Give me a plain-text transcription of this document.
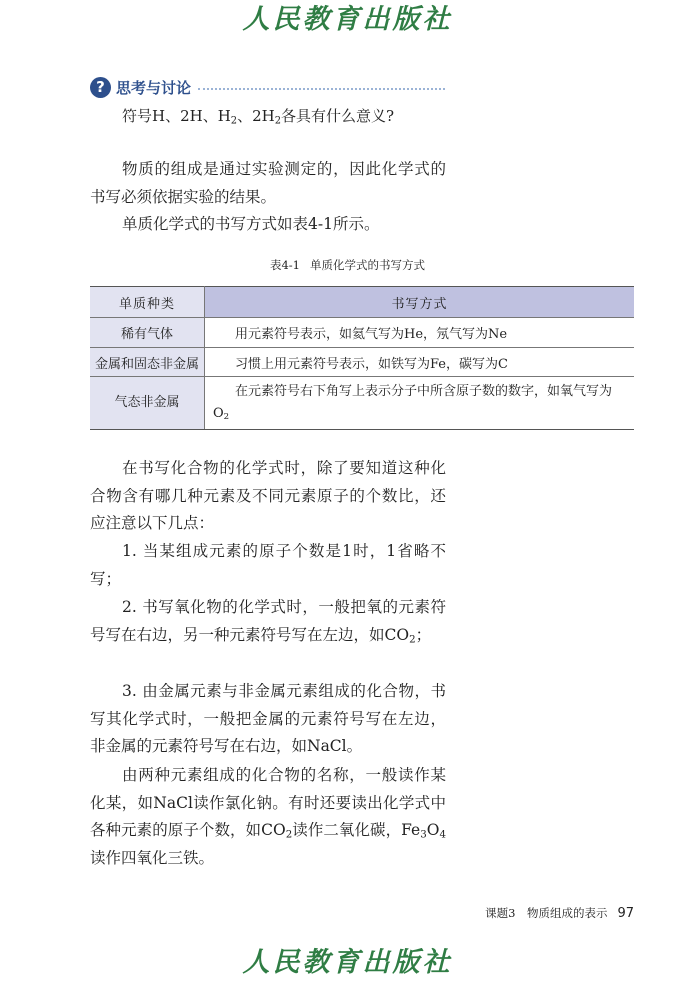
人民教育出版社
? 思考与讨论
符号H、2H、$H_2$、$2H_2$各具有什么意义?

物质的组成是通过实验测定的，因此化学式的书写必须依据实验的结果。

单质化学式的书写方式如表4-1所示。

表4-1 单质化学式的书写方式
单质种类	书写方式
稀有气体	用元素符号表示，如氦气写为He，氖气写为Ne
金属和固态非金属	习惯上用元素符号表示，如铁写为Fe，碳写为C
气态非金属	在元素符号右下角写上表示分子中所含原子数的数字，如氧气写为$O_2$

在书写化合物的化学式时，除了要知道这种化合物含有哪几种元素及不同元素原子的个数比，还应注意以下几点：

1. 当某组成元素的原子个数是1时，1省略不写；

2. 书写氧化物的化学式时，一般把氧的元素符号写在右边，另一种元素符号写在左边，如$CO_2$；

3. 由金属元素与非金属元素组成的化合物，书写其化学式时，一般把金属的元素符号写在左边，非金属的元素符号写在右边，如NaCl。

由两种元素组成的化合物的名称，一般读作某化某，如NaCl读作氯化钠。有时还要读出化学式中各种元素的原子个数，如$CO_2$读作二氧化碳，$Fe_3O_4$读作四氧化三铁。

课题3　物质组成的表示 97
人民教育出版社
